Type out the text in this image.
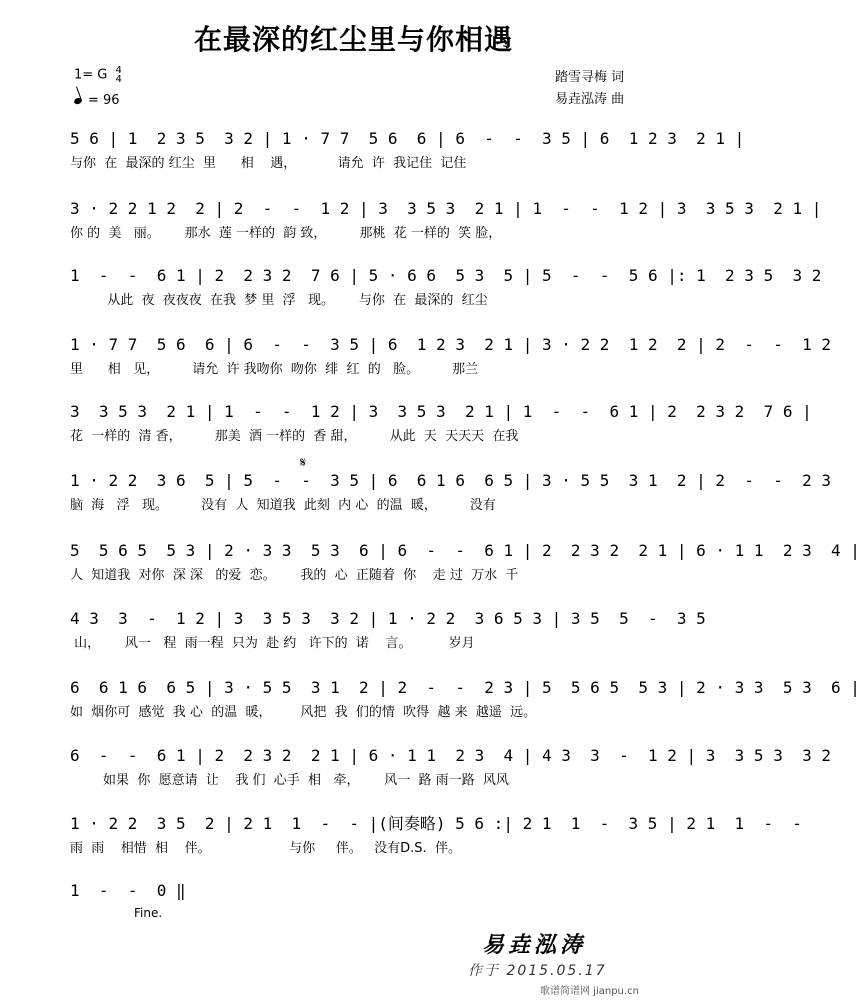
在最深的红尘里与你相遇
1= G 4
4
= 96
踏雪寻梅 词
易垚泓涛 曲
5 6 | 1  2 3 5  3 2 | 1 · 7 7  5 6  6 | 6  -  -  3 5 | 6  1 2 3  2 1 |
与你  在  最深的 红尘  里      相    遇，          请允  许  我记住  记住
3 · 2 2 1 2  2 | 2  -  -  1 2 | 3  3 5 3  2 1 | 1  -  -  1 2 | 3  3 5 3  2 1 |
你 的  美   丽。      那水  莲 一样的  韵 致，        那桃  花 一样的  笑 脸，
1  -  -  6 1 | 2  2 3 2  7 6 | 5 · 6 6  5 3  5 | 5  -  -  5 6 |: 1  2 3 5  3 2
从此  夜  夜夜夜  在我  梦 里  浮   现。      与你  在  最深的  红尘
1 · 7 7  5 6  6 | 6  -  -  3 5 | 6  1 2 3  2 1 | 3 · 2 2  1 2  2 | 2  -  -  1 2
里      相   见，        请允  许 我吻你  吻你  绯  红  的   脸。        那兰
3  3 5 3  2 1 | 1  -  -  1 2 | 3  3 5 3  2 1 | 1  -  -  6 1 | 2  2 3 2  7 6 |
花  一样的  清 香，        那美  酒 一样的  香 甜，        从此  天  天天天  在我
1 · 2 2  3 6  5 | 5  -  -  3 5 | 6  6 1 6  6 5 | 3 · 5 5  3 1  2 | 2  -  -  2 3
脑  海   浮   现。        没有  人  知道我  此刻  内 心  的温  暖，        没有
5  5 6 5  5 3 | 2 · 3 3  5 3  6 | 6  -  -  6 1 | 2  2 3 2  2 1 | 6 · 1 1  2 3  4 |
人  知道我  对你  深 深   的爱  恋。      我的  心  正随着  你    走 过  万水  千
4 3  3  -  1 2 | 3  3 5 3  3 2 | 1 · 2 2  3 6 5 3 | 3 5  5  -  3 5
山，      风一   程  雨一程  只为  赴 约   许下的  诺    言。         岁月
6  6 1 6  6 5 | 3 · 5 5  3 1  2 | 2  -  -  2 3 | 5  5 6 5  5 3 | 2 · 3 3  5 3  6 |
如  烟你可  感觉  我 心  的温  暖，       风把  我  们的情  吹得  越 来  越遥  远。
6  -  -  6 1 | 2  2 3 2  2 1 | 6 · 1 1  2 3  4 | 4 3  3  -  1 2 | 3  3 5 3  3 2
如果  你  愿意请  让    我 们  心手  相   牵，      风一  路 雨一路  风风
1 · 2 2  3 5  2 | 2 1  1  -  - |(间奏略) 5 6 :| 2 1  1  -  3 5 | 2 1  1  -  -
雨  雨    相惜  相    伴。                   与你     伴。   没有D.S.  伴。
1  -  -  0 ‖
𝄋
Fine.
易垚泓涛
作于 2015.05.17
歌谱简谱网 jianpu.cn
